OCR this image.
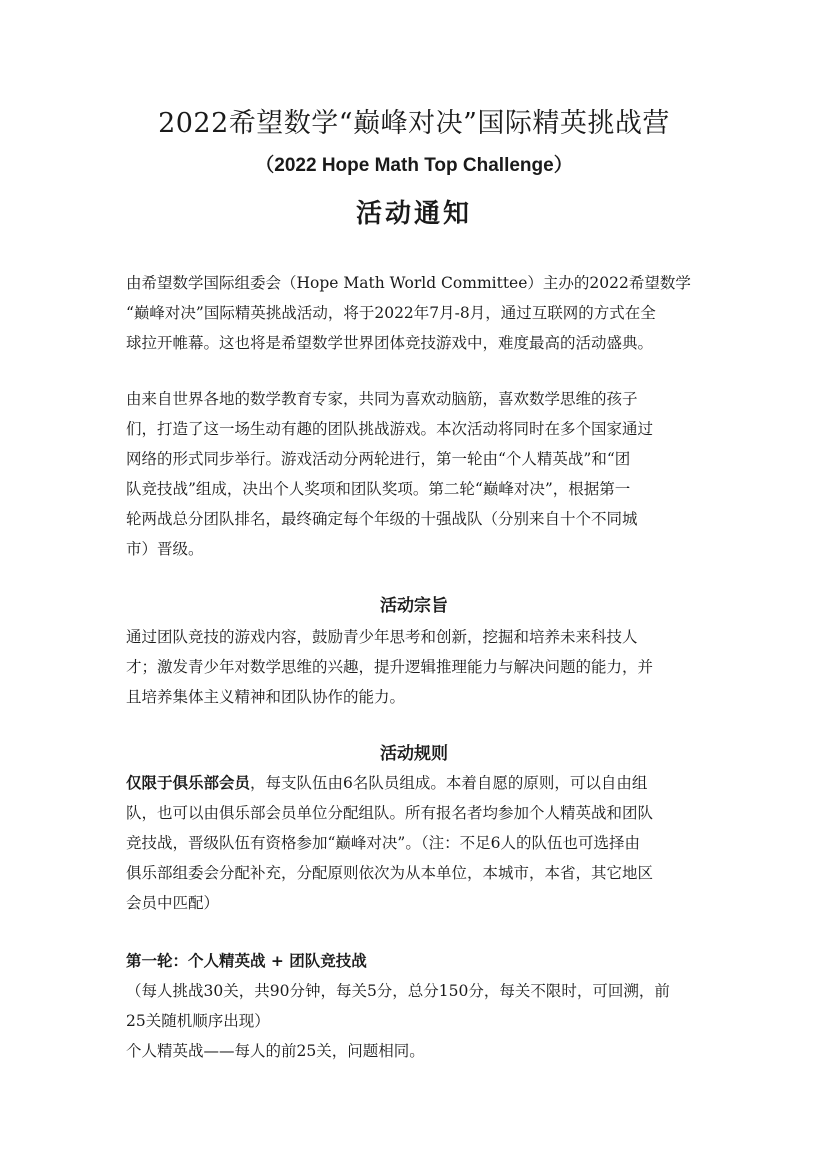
2022希望数学“巅峰对决”国际精英挑战营
（2022 Hope Math Top Challenge）
活动通知

由希望数学国际组委会（Hope Math World Committee）主办的2022希望数学
“巅峰对决”国际精英挑战活动，将于2022年7月-8月，通过互联网的方式在全
球拉开帷幕。这也将是希望数学世界团体竞技游戏中，难度最高的活动盛典。

由来自世界各地的数学教育专家，共同为喜欢动脑筋，喜欢数学思维的孩子
们，打造了这一场生动有趣的团队挑战游戏。本次活动将同时在多个国家通过
网络的形式同步举行。游戏活动分两轮进行，第一轮由“个人精英战”和“团
队竞技战”组成，决出个人奖项和团队奖项。第二轮“巅峰对决”，根据第一
轮两战总分团队排名，最终确定每个年级的十强战队（分别来自十个不同城
市）晋级。

活动宗旨

通过团队竞技的游戏内容，鼓励青少年思考和创新，挖掘和培养未来科技人
才；激发青少年对数学思维的兴趣，提升逻辑推理能力与解决问题的能力，并
且培养集体主义精神和团队协作的能力。

活动规则

仅限于俱乐部会员，每支队伍由6名队员组成。本着自愿的原则，可以自由组
队，也可以由俱乐部会员单位分配组队。所有报名者均参加个人精英战和团队
竞技战，晋级队伍有资格参加“巅峰对决”。（注：不足6人的队伍也可选择由
俱乐部组委会分配补充，分配原则依次为从本单位，本城市，本省，其它地区
会员中匹配）

第一轮：个人精英战 + 团队竞技战
（每人挑战30关，共90分钟，每关5分，总分150分，每关不限时，可回溯，前
25关随机顺序出现）
个人精英战——每人的前25关，问题相同。
